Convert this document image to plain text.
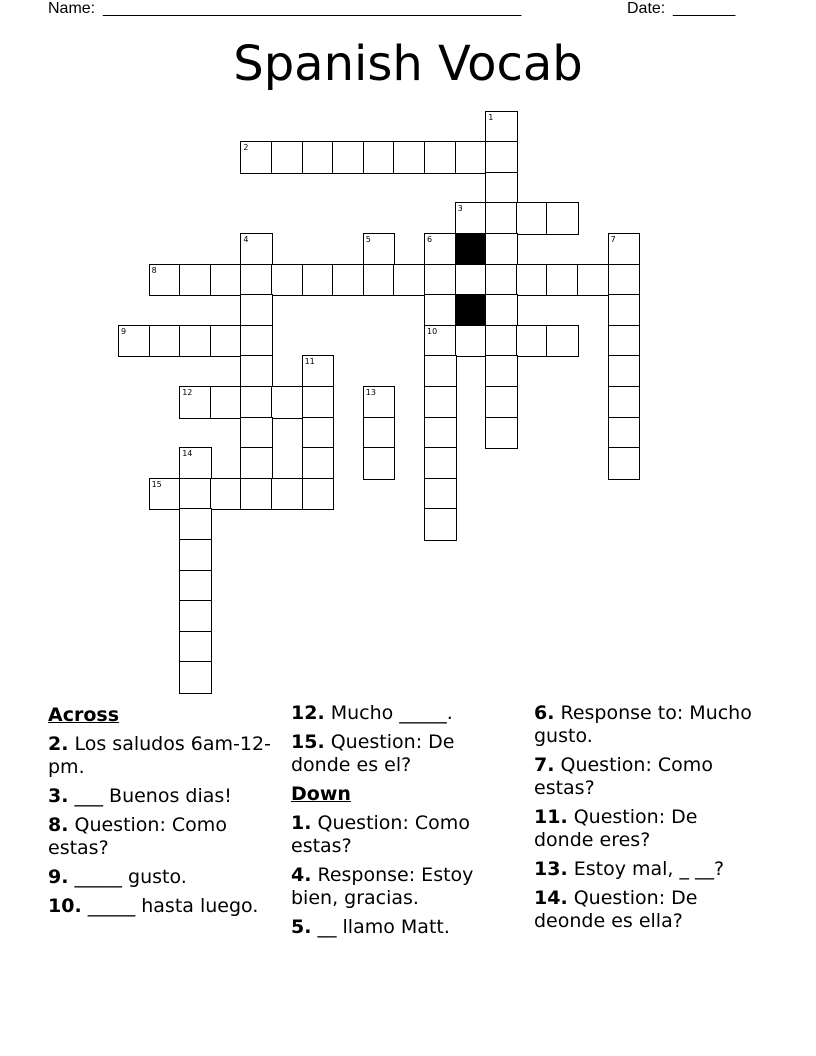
Name:

_______________________________________________

	Date:

_______

Spanish Vocab
1
2
3
4	5	6	7
8
9	10
11
12	13
14
15
Across
2. Los saludos 6am-12-pm.
3. ___ Buenos dias!
8. Question: Como estas?
9. _____ gusto.
10. _____ hasta luego.
12. Mucho _____.
15. Question: De donde es el?
Down
1. Question: Como estas?
4. Response: Estoy bien, gracias.
5. __ llamo Matt.
6. Response to: Mucho gusto.
7. Question: Como estas?
11. Question: De donde eres?
13. Estoy mal, _ __?
14. Question: De deonde es ella?
